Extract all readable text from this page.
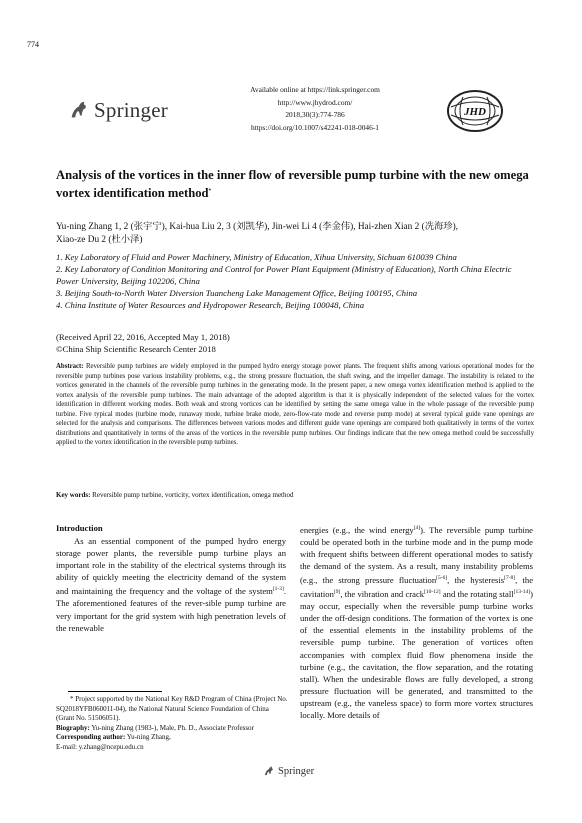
774
Springer
Available online at https://link.springer.com
http://www.jhydrod.com/
2018,30(3):774-786
https://doi.org/10.1007/s42241-018-0046-1
JHD
Analysis of the vortices in the inner flow of reversible pump turbine with the new omega vortex identification method*
Yu-ning Zhang 1, 2 (张宇宁), Kai-hua Liu 2, 3 (刘凯华), Jin-wei Li 4 (李金伟), Hai-zhen Xian 2 (冼海珍),
Xiao-ze Du 2 (杜小泽)
1. Key Laboratory of Fluid and Power Machinery, Ministry of Education, Xihua University, Sichuan 610039 China
2. Key Laboratory of Condition Monitoring and Control for Power Plant Equipment (Ministry of Education), North China Electric Power University, Beijing 102206, China
3. Beijing South-to-North Water Diversion Tuancheng Lake Management Office, Beijing 100195, China
4. China Institute of Water Resources and Hydropower Research, Beijing 100048, China
(Received April 22, 2016, Accepted May 1, 2018)
©China Ship Scientific Research Center 2018
Abstract: Reversible pump turbines are widely employed in the pumped hydro energy storage power plants. The frequent shifts among various operational modes for the reversible pump turbines pose various instability problems, e.g., the strong pressure fluctuation, the shaft swing, and the impeller damage. The instability is related to the vortices generated in the channels of the reversible pump turbines in the generating mode. In the present paper, a new omega vortex identification method is applied to the vortex analysis of the reversible pump turbines. The main advantage of the adopted algorithm is that it is physically independent of the selected values for the vortex identification in different working modes. Both weak and strong vortices can be identified by setting the same omega value in the whole passage of the reversible pump turbine. Five typical modes (turbine mode, runaway mode, turbine brake mode, zero-flow-rate mode and reverse pump mode) at several typical guide vane openings are selected for the analysis and comparisons. The differences between various modes and different guide vane openings are compared both qualitatively in terms of the vortex distributions and quantitatively in terms of the areas of the vortices in the reversible pump turbines. Our findings indicate that the new omega method could be successfully applied to the vortex identification in the reversible pump turbines.
Key words: Reversible pump turbine, vorticity, vortex identification, omega method
Introduction
As an essential component of the pumped hydro energy storage power plants, the reversible pump turbine plays an important role in the stability of the electrical systems through its ability of quickly meeting the electricity demand of the system and maintaining the frequency and the voltage of the system[1-3]. The aforementioned features of the rever-sible pump turbine are very important for the grid system with high penetration levels of the renewable
energies (e.g., the wind energy[4]). The reversible pump turbine could be operated both in the turbine mode and in the pump mode with frequent shifts between different operational modes to satisfy the demand of the system. As a result, many instability problems (e.g., the strong pressure fluctuation[5-6], the hysteresis[7-8], the cavitation[9], the vibration and crack[10-12] and the rotating stall[13-14]) may occur, especially when the reversible pump turbine works under the off-design conditions. The formation of the vortex is one of the essential elements in the instability problems of the reversible pump turbine. The generation of vortices often accompanies with complex fluid flow phenomena inside the turbine (e.g., the cavitation, the flow separation, and the rotating stall). When the undesirable flows are fully developed, a strong pressure fluctuation will be generated, and transmitted to the upstream (e.g., the vaneless space) to form more vortex structures locally. More details of
* Project supported by the National Key R&D Program of China (Project No. SQ2018YFB060011-04), the National Natural Science Foundation of China (Grant No. 51506051).
Biography: Yu-ning Zhang (1983-), Male, Ph. D., Associate Professor
Corresponding author: Yu-ning Zhang,
E-mail: y.zhang@ncepu.edu.cn
Springer
